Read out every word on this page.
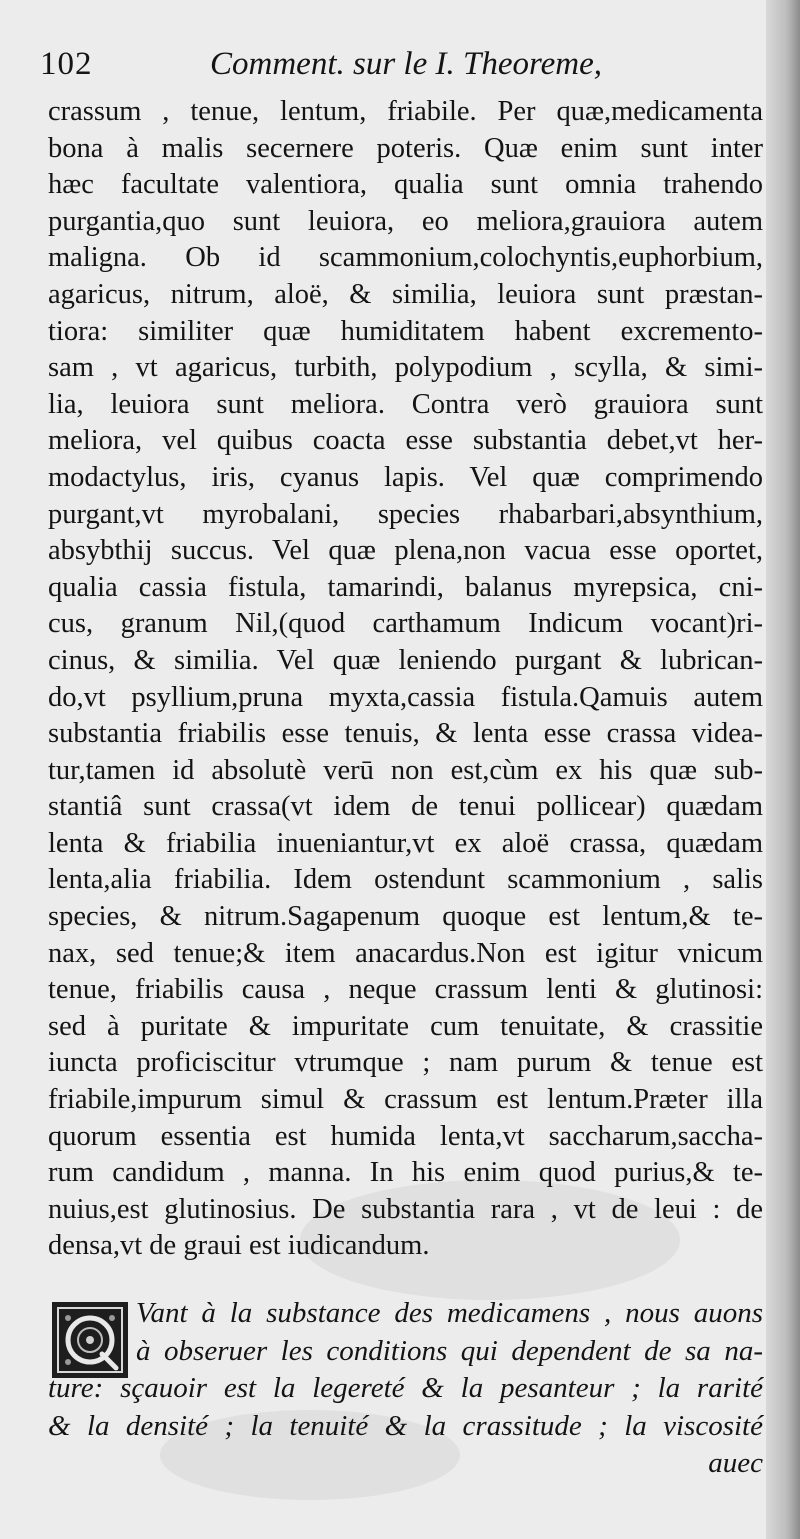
102	Comment. sur le I. Theoreme,
crassum , tenue, lentum, friabile. Per quæ,medicamenta
bona à malis secernere poteris. Quæ enim sunt inter
hæc facultate valentiora, qualia sunt omnia trahendo
purgantia,quo sunt leuiora, eo meliora,grauiora autem
maligna. Ob id scammonium,colochyntis,euphorbium,
agaricus, nitrum, aloë, & similia, leuiora sunt præstan-
tiora: similiter quæ humiditatem habent excremento-
sam , vt agaricus, turbith, polypodium , scylla, & simi-
lia, leuiora sunt meliora. Contra verò grauiora sunt
meliora, vel quibus coacta esse substantia debet,vt her-
modactylus, iris, cyanus lapis. Vel quæ comprimendo
purgant,vt myrobalani, species rhabarbari,absynthium,
absybthij succus. Vel quæ plena,non vacua esse oportet,
qualia cassia fistula, tamarindi, balanus myrepsica, cni-
cus, granum Nil,(quod carthamum Indicum vocant)ri-
cinus, & similia. Vel quæ leniendo purgant & lubrican-
do,vt psyllium,pruna myxta,cassia fistula.Qamuis autem
substantia friabilis esse tenuis, & lenta esse crassa videa-
tur,tamen id absolutè verū non est,cùm ex his quæ sub-
stantiâ sunt crassa(vt idem de tenui pollicear) quædam
lenta & friabilia inueniantur,vt ex aloë crassa, quædam
lenta,alia friabilia. Idem ostendunt scammonium , salis
species, & nitrum.Sagapenum quoque est lentum,& te-
nax, sed tenue;& item anacardus.Non est igitur vnicum
tenue, friabilis causa , neque crassum lenti & glutinosi:
sed à puritate & impuritate cum tenuitate, & crassitie
iuncta proficiscitur vtrumque ; nam purum & tenue est
friabile,impurum simul & crassum est lentum.Præter illa
quorum essentia est humida lenta,vt saccharum,saccha-
rum candidum , manna. In his enim quod purius,& te-
nuius,est glutinosius. De substantia rara , vt de leui : de
densa,vt de graui est iudicandum.
Vant à la substance des medicamens , nous auons
à obseruer les conditions qui dependent de sa na-
ture: sçauoir est la legereté & la pesanteur ; la rarité
& la densité ; la tenuité & la crassitude ; la viscosité
auec
